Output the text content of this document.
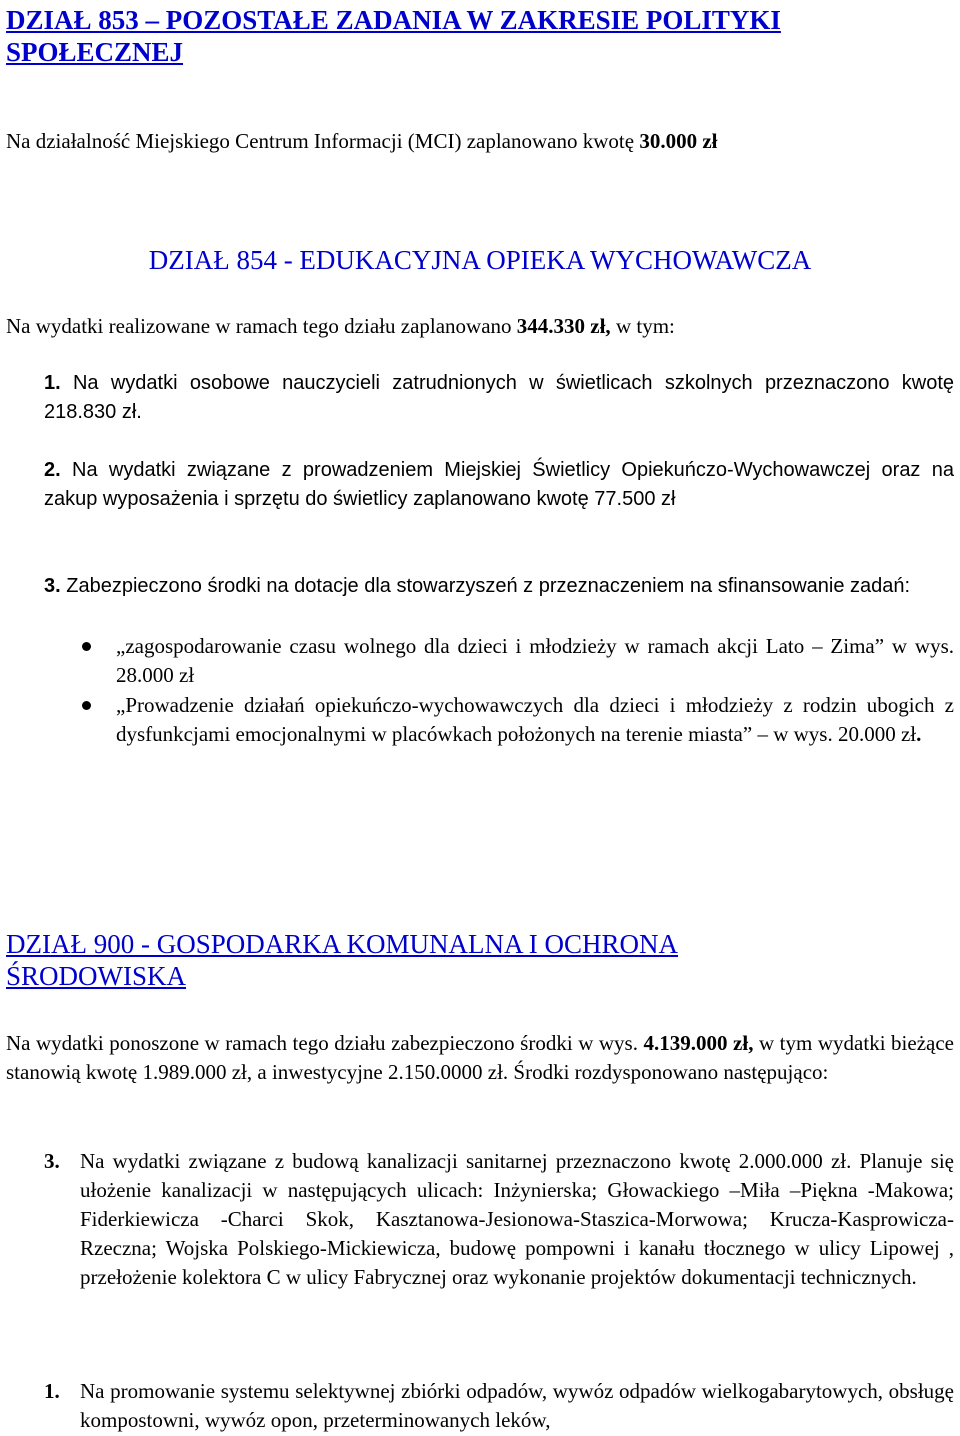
DZIAŁ 853 – POZOSTAŁE ZADANIA W ZAKRESIE POLITYKI SPOŁECZNEJ
Na działalność Miejskiego Centrum Informacji (MCI) zaplanowano kwotę 30.000 zł
DZIAŁ 854 - EDUKACYJNA OPIEKA WYCHOWAWCZA
Na wydatki realizowane w ramach tego działu zaplanowano 344.330 zł, w tym:
1. Na wydatki osobowe nauczycieli zatrudnionych w świetlicach szkolnych przeznaczono kwotę 218.830 zł.
2. Na wydatki związane z prowadzeniem Miejskiej Świetlicy Opiekuńczo-Wychowawczej oraz na zakup wyposażenia i sprzętu do świetlicy zaplanowano kwotę 77.500 zł
3. Zabezpieczono środki na dotacje dla stowarzyszeń z przeznaczeniem na sfinansowanie zadań:
„zagospodarowanie czasu wolnego dla dzieci i młodzieży w ramach akcji Lato – Zima” w wys. 28.000 zł
„Prowadzenie działań opiekuńczo-wychowawczych dla dzieci i młodzieży z rodzin ubogich z dysfunkcjami emocjonalnymi w placówkach położonych na terenie miasta” – w wys. 20.000 zł.
DZIAŁ 900 - GOSPODARKA KOMUNALNA I OCHRONA ŚRODOWISKA
Na wydatki ponoszone w ramach tego działu zabezpieczono środki w wys. 4.139.000 zł, w tym wydatki bieżące stanowią kwotę 1.989.000 zł, a inwestycyjne 2.150.0000 zł. Środki rozdysponowano następująco:
3. Na wydatki związane z budową kanalizacji sanitarnej przeznaczono kwotę 2.000.000 zł. Planuje się ułożenie kanalizacji w następujących ulicach: Inżynierska; Głowackiego –Miła –Piękna -Makowa; Fiderkiewicza -Charci Skok, Kasztanowa-Jesionowa-Staszica-Morwowa; Krucza-Kasprowicza-Rzeczna; Wojska Polskiego-Mickiewicza, budowę pompowni i kanału tłocznego w ulicy Lipowej , przełożenie kolektora C w ulicy Fabrycznej oraz wykonanie projektów dokumentacji technicznych.
1. Na promowanie systemu selektywnej zbiórki odpadów, wywóz odpadów wielkogabarytowych, obsługę kompostowni, wywóz opon, przeterminowanych leków,
